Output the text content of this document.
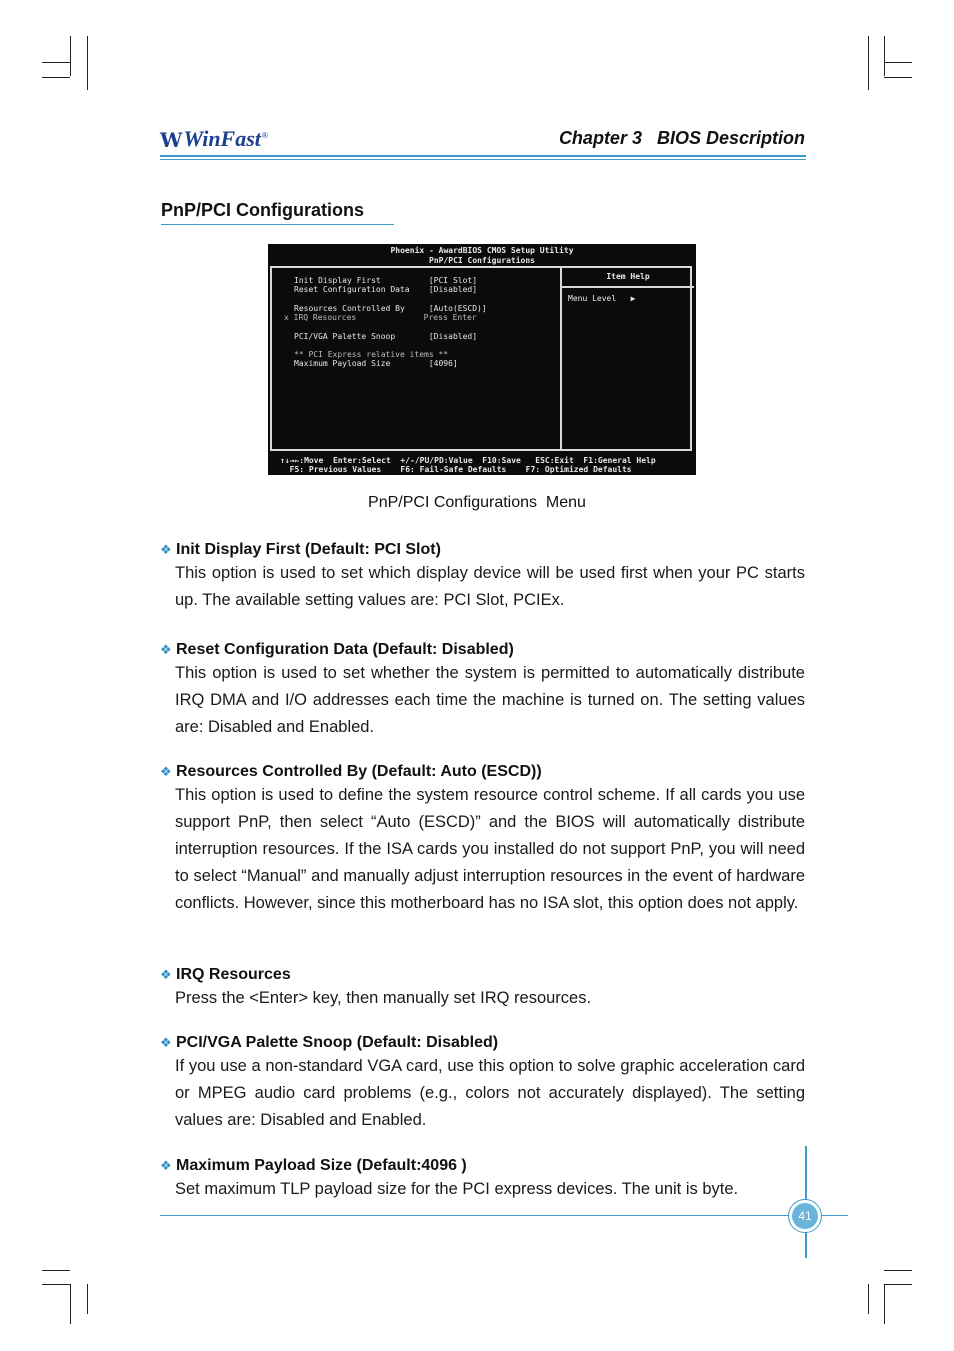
W WinFast ®	Chapter 3   BIOS Description
PnP/PCI Configurations
Phoenix - AwardBIOS CMOS Setup Utility
PnP/PCI Configurations
Init Display First          [PCI Slot]
Reset Configuration Data    [Disabled]
Resources Controlled By     [Auto(ESCD)]
x IRQ Resources              Press Enter
PCI/VGA Palette Snoop       [Disabled]
** PCI Express relative items **
Maximum Payload Size        [4096]
Item Help
Menu Level   ▶
↑↓→←:Move  Enter:Select  +/-/PU/PD:Value  F10:Save   ESC:Exit  F1:General Help
F5: Previous Values    F6: Fail-Safe Defaults    F7: Optimized Defaults
PnP/PCI Configurations  Menu
❖ Init Display First (Default: PCI Slot)
This option is used to set which display device will be used first when your PC starts up. The available setting values are: PCI Slot, PCIEx.
❖ Reset Configuration Data (Default: Disabled)
This option is used to set whether the system is permitted to automatically distribute IRQ DMA and I/O addresses each time the machine is turned on. The setting values are: Disabled and Enabled.
❖ Resources Controlled By (Default: Auto (ESCD))
This option is used to define the system resource control scheme. If all cards you use support PnP, then select “Auto (ESCD)” and the BIOS will automatically distribute interruption resources. If the ISA cards you installed do not support PnP, you will need to select “Manual” and manually adjust interruption resources in the event of hardware conflicts. However, since this motherboard has no ISA slot, this option does not apply.
❖ IRQ Resources
Press the <Enter> key, then manually set IRQ resources.
❖ PCI/VGA Palette Snoop (Default: Disabled)
If you use a non-standard VGA card, use this option to solve graphic acceleration card or MPEG audio card problems (e.g., colors not accurately displayed). The setting values are: Disabled and Enabled.
❖ Maximum Payload Size (Default:4096 )
Set maximum TLP payload size for the PCI express devices. The unit is byte.
41
